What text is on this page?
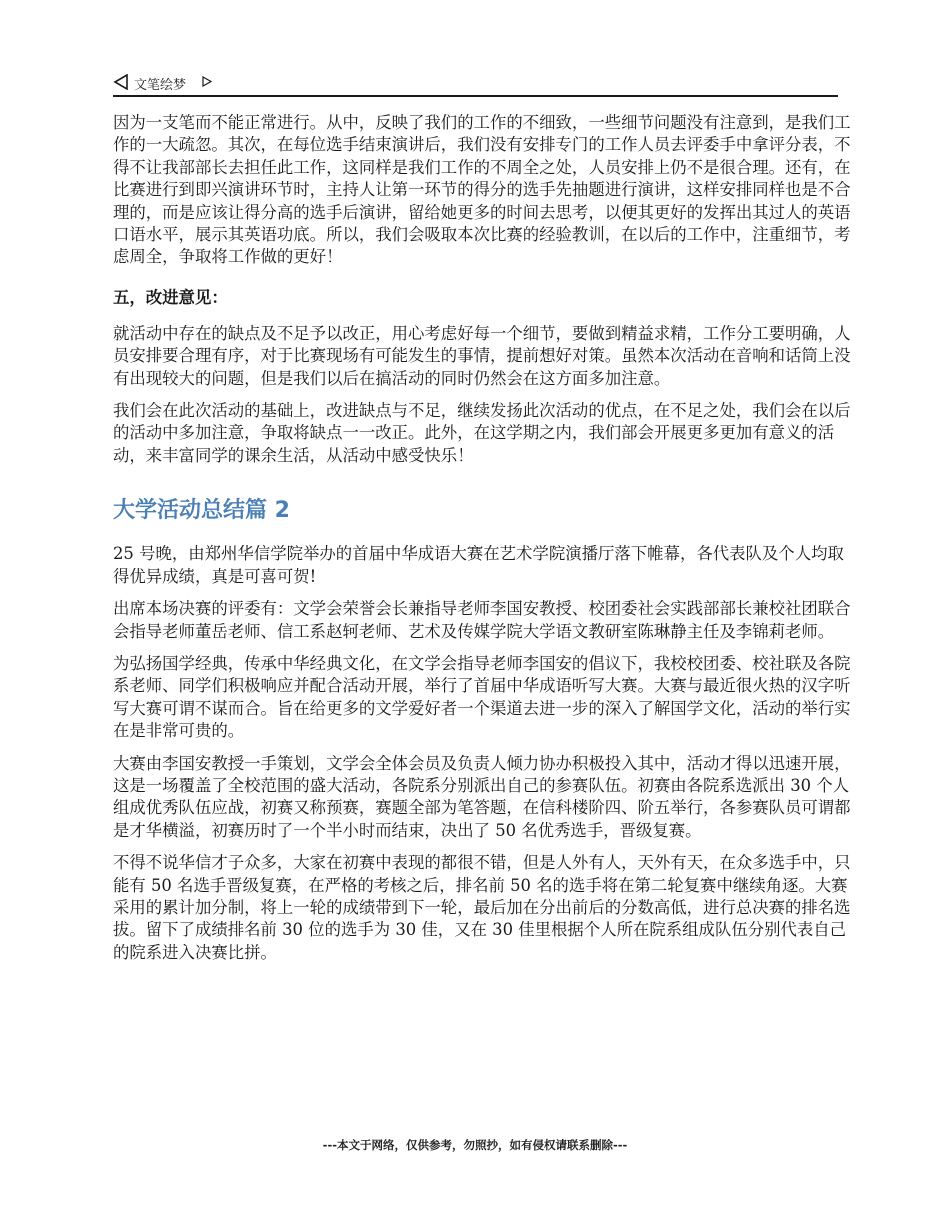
文笔绘梦

因为一支笔而不能正常进行。从中，反映了我们的工作的不细致，一些细节问题没有注意到，是我们工作的一大疏忽。其次，在每位选手结束演讲后，我们没有安排专门的工作人员去评委手中拿评分表，不得不让我部部长去担任此工作，这同样是我们工作的不周全之处，人员安排上仍不是很合理。还有，在比赛进行到即兴演讲环节时，主持人让第一环节的得分的选手先抽题进行演讲，这样安排同样也是不合理的，而是应该让得分高的选手后演讲，留给她更多的时间去思考，以便其更好的发挥出其过人的英语口语水平，展示其英语功底。所以，我们会吸取本次比赛的经验教训，在以后的工作中，注重细节，考虑周全，争取将工作做的更好！

五，改进意见：

就活动中存在的缺点及不足予以改正，用心考虑好每一个细节，要做到精益求精，工作分工要明确，人员安排要合理有序，对于比赛现场有可能发生的事情，提前想好对策。虽然本次活动在音响和话筒上没有出现较大的问题，但是我们以后在搞活动的同时仍然会在这方面多加注意。

我们会在此次活动的基础上，改进缺点与不足，继续发扬此次活动的优点，在不足之处，我们会在以后的活动中多加注意，争取将缺点一一改正。此外，在这学期之内，我们部会开展更多更加有意义的活动，来丰富同学的课余生活，从活动中感受快乐！

大学活动总结篇 2

25 号晚，由郑州华信学院举办的首届中华成语大赛在艺术学院演播厅落下帷幕，各代表队及个人均取得优异成绩，真是可喜可贺!

出席本场决赛的评委有：文学会荣誉会长兼指导老师李国安教授、校团委社会实践部部长兼校社团联合会指导老师董岳老师、信工系赵轲老师、艺术及传媒学院大学语文教研室陈琳静主任及李锦莉老师。

为弘扬国学经典，传承中华经典文化，在文学会指导老师李国安的倡议下，我校校团委、校社联及各院系老师、同学们积极响应并配合活动开展，举行了首届中华成语听写大赛。大赛与最近很火热的汉字听写大赛可谓不谋而合。旨在给更多的文学爱好者一个渠道去进一步的深入了解国学文化，活动的举行实在是非常可贵的。

大赛由李国安教授一手策划，文学会全体会员及负责人倾力协办积极投入其中，活动才得以迅速开展，这是一场覆盖了全校范围的盛大活动，各院系分别派出自己的参赛队伍。初赛由各院系选派出 30 个人组成优秀队伍应战，初赛又称预赛，赛题全部为笔答题，在信科楼阶四、阶五举行，各参赛队员可谓都是才华横溢，初赛历时了一个半小时而结束，决出了 50 名优秀选手，晋级复赛。

不得不说华信才子众多，大家在初赛中表现的都很不错，但是人外有人，天外有天，在众多选手中，只能有 50 名选手晋级复赛，在严格的考核之后，排名前 50 名的选手将在第二轮复赛中继续角逐。大赛采用的累计加分制，将上一轮的成绩带到下一轮，最后加在分出前后的分数高低，进行总决赛的排名选拔。留下了成绩排名前 30 位的选手为 30 佳，又在 30 佳里根据个人所在院系组成队伍分别代表自己的院系进入决赛比拼。

---本文于网络，仅供参考，勿照抄，如有侵权请联系删除---
